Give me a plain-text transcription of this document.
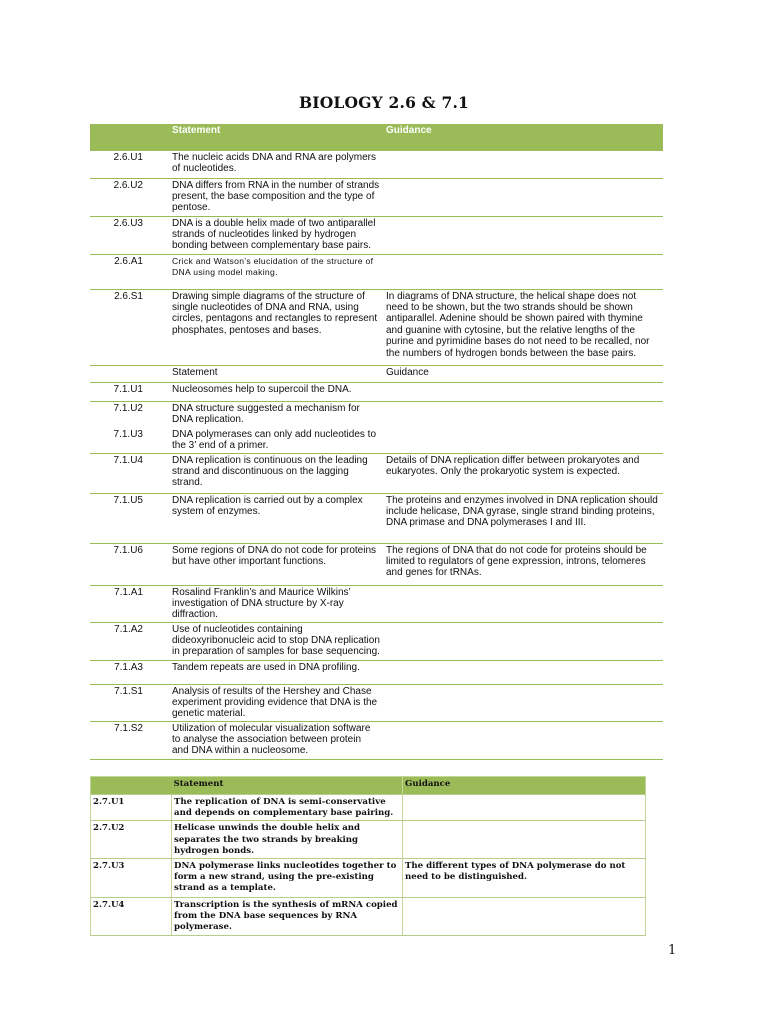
BIOLOGY 2.6 & 7.1
	Statement	Guidance
2.6.U1	The nucleic acids DNA and RNA are polymers of nucleotides.	
2.6.U2	DNA differs from RNA in the number of strands present, the base composition and the type of pentose.	
2.6.U3	DNA is a double helix made of two antiparallel strands of nucleotides linked by hydrogen bonding between complementary base pairs.	
2.6.A1	Crick and Watson’s elucidation of the structure of DNA using model making.	
2.6.S1	Drawing simple diagrams of the structure of single nucleotides of DNA and RNA, using circles, pentagons and rectangles to represent phosphates, pentoses and bases.	In diagrams of DNA structure, the helical shape does not need to be shown, but the two strands should be shown antiparallel. Adenine should be shown paired with thymine and guanine with cytosine, but the relative lengths of the purine and pyrimidine bases do not need to be recalled, nor the numbers of hydrogen bonds between the base pairs.
	Statement	Guidance
7.1.U1	Nucleosomes help to supercoil the DNA.	
7.1.U2	DNA structure suggested a mechanism for DNA replication.	
7.1.U3	DNA polymerases can only add nucleotides to the 3’ end of a primer.	
7.1.U4	DNA replication is continuous on the leading strand and discontinuous on the lagging strand.	Details of DNA replication differ between prokaryotes and eukaryotes. Only the prokaryotic system is expected.
7.1.U5	DNA replication is carried out by a complex system of enzymes.	The proteins and enzymes involved in DNA replication should include helicase, DNA gyrase, single strand binding proteins, DNA primase and DNA polymerases I and III.
7.1.U6	Some regions of DNA do not code for proteins but have other important functions.	The regions of DNA that do not code for proteins should be limited to regulators of gene expression, introns, telomeres and genes for tRNAs.
7.1.A1	Rosalind Franklin’s and Maurice Wilkins’ investigation of DNA structure by X-ray diffraction.	
7.1.A2	Use of nucleotides containing dideoxyribonucleic acid to stop DNA replication in preparation of samples for base sequencing.	
7.1.A3	Tandem repeats are used in DNA profiling.	
7.1.S1	Analysis of results of the Hershey and Chase experiment providing evidence that DNA is the genetic material.	
7.1.S2	Utilization of molecular visualization software to analyse the association between protein and DNA within a nucleosome.	
	Statement	Guidance
2.7.U1	The replication of DNA is semi-conservative and depends on complementary base pairing.	
2.7.U2	Helicase unwinds the double helix and separates the two strands by breaking hydrogen bonds.	
2.7.U3	DNA polymerase links nucleotides together to form a new strand, using the pre-existing strand as a template.	The different types of DNA polymerase do not need to be distinguished.
2.7.U4	Transcription is the synthesis of mRNA copied from the DNA base sequences by RNA polymerase.	
1
